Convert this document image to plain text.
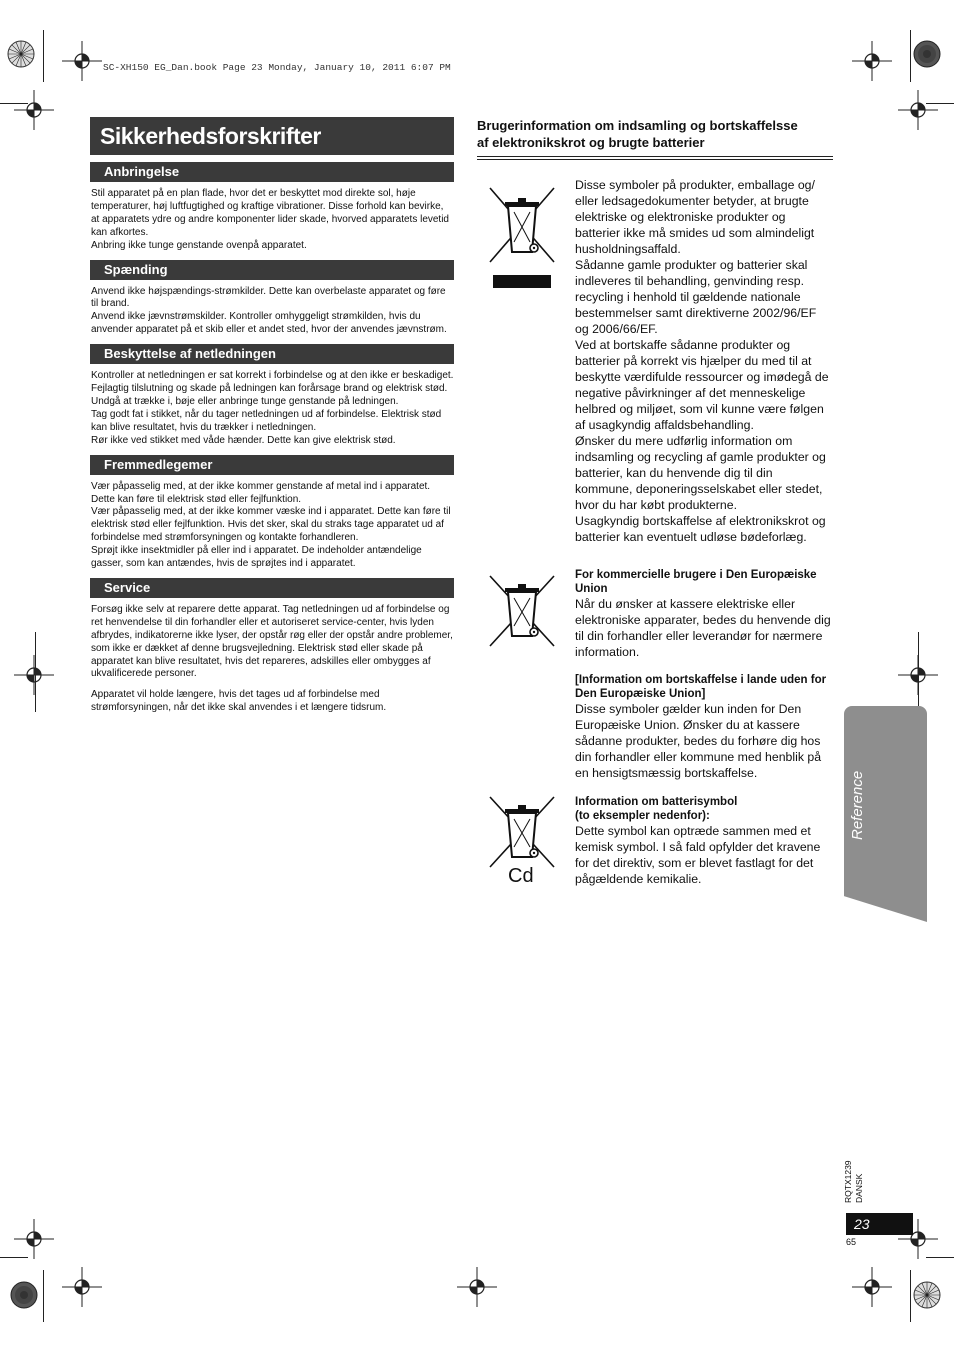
SC-XH150 EG_Dan.book Page 23 Monday, January 10, 2011 6:07 PM
Sikkerhedsforskrifter
Anbringelse

Stil apparatet på en plan flade, hvor det er beskyttet mod direkte sol, høje temperaturer, høj luftfugtighed og kraftige vibrationer. Disse forhold kan bevirke, at apparatets ydre og andre komponenter lider skade, hvorved apparatets levetid kan afkortes.

Anbring ikke tunge genstande ovenpå apparatet.

Spænding

Anvend ikke højspændings-strømkilder. Dette kan overbelaste apparatet og føre til brand.

Anvend ikke jævnstrømskilder. Kontroller omhyggeligt strømkilden, hvis du anvender apparatet på et skib eller et andet sted, hvor der anvendes jævnstrøm.

Beskyttelse af netledningen

Kontroller at netledningen er sat korrekt i forbindelse og at den ikke er beskadiget. Fejlagtig tilslutning og skade på ledningen kan forårsage brand og elektrisk stød. Undgå at trække i, bøje eller anbringe tunge genstande på ledningen.

Tag godt fat i stikket, når du tager netledningen ud af forbindelse. Elektrisk stød kan blive resultatet, hvis du trækker i netledningen.

Rør ikke ved stikket med våde hænder. Dette kan give elektrisk stød.

Fremmedlegemer

Vær påpasselig med, at der ikke kommer genstande af metal ind i apparatet. Dette kan føre til elektrisk stød eller fejlfunktion.

Vær påpasselig med, at der ikke kommer væske ind i apparatet. Dette kan føre til elektrisk stød eller fejlfunktion. Hvis det sker, skal du straks tage apparatet ud af forbindelse med strømforsyningen og kontakte forhandleren.

Sprøjt ikke insektmidler på eller ind i apparatet. De indeholder antændelige gasser, som kan antændes, hvis de sprøjtes ind i apparatet.

Service

Forsøg ikke selv at reparere dette apparat. Tag netledningen ud af forbindelse og ret henvendelse til din forhandler eller et autoriseret service-center, hvis lyden afbrydes, indikatorerne ikke lyser, der opstår røg eller der opstår andre problemer, som ikke er dækket af denne brugsvejledning. Elektrisk stød eller skade på apparatet kan blive resultatet, hvis det repareres, adskilles eller ombygges af ukvalificerede personer.

Apparatet vil holde længere, hvis det tages ud af forbindelse med strømforsyningen, når det ikke skal anvendes i et længere tidsrum.

Brugerinformation om indsamling og bortskaffelsse
af elektronikskrot og brugte batterier
Cd

Disse symboler på produkter, emballage og/ eller ledsagedokumenter betyder, at brugte elektriske og elektroniske produkter og batterier ikke må smides ud som almindeligt husholdningsaffald.

Sådanne gamle produkter og batterier skal indleveres til behandling, genvinding resp. recycling i henhold til gældende nationale bestemmelser samt direktiverne 2002/96/EF og 2006/66/EF.

Ved at bortskaffe sådanne produkter og batterier på korrekt vis hjælper du med til at beskytte værdifulde ressourcer og imødegå de negative påvirkninger af det menneskelige helbred og miljøet, som vil kunne være følgen af usagkyndig affaldsbehandling.

Ønsker du mere udførlig information om indsamling og recycling af gamle produkter og batterier, kan du henvende dig til din kommune, deponeringsselskabet eller stedet, hvor du har købt produkterne.

Usagkyndig bortskaffelse af elektronikskrot og batterier kan eventuelt udløse bødeforlæg.

For kommercielle brugere i Den Europæiske Union

Når du ønsker at kassere elektriske eller elektroniske apparater, bedes du henvende dig til din forhandler eller leverandør for nærmere information.

[Information om bortskaffelse i lande uden for Den Europæiske Union]

Disse symboler gælder kun inden for Den Europæiske Union. Ønsker du at kassere sådanne produkter, bedes du forhøre dig hos din forhandler eller kommune med henblik på en hensigtsmæssig bortskaffelse.

Information om batterisymbol
(to eksempler nedenfor):

Dette symbol kan optræde sammen med et kemisk symbol. I så fald opfylder det kravene for det direktiv, som er blevet fastlagt for det pågældende kemikalie.

Reference
RQTX1239 DANSK
23
65
